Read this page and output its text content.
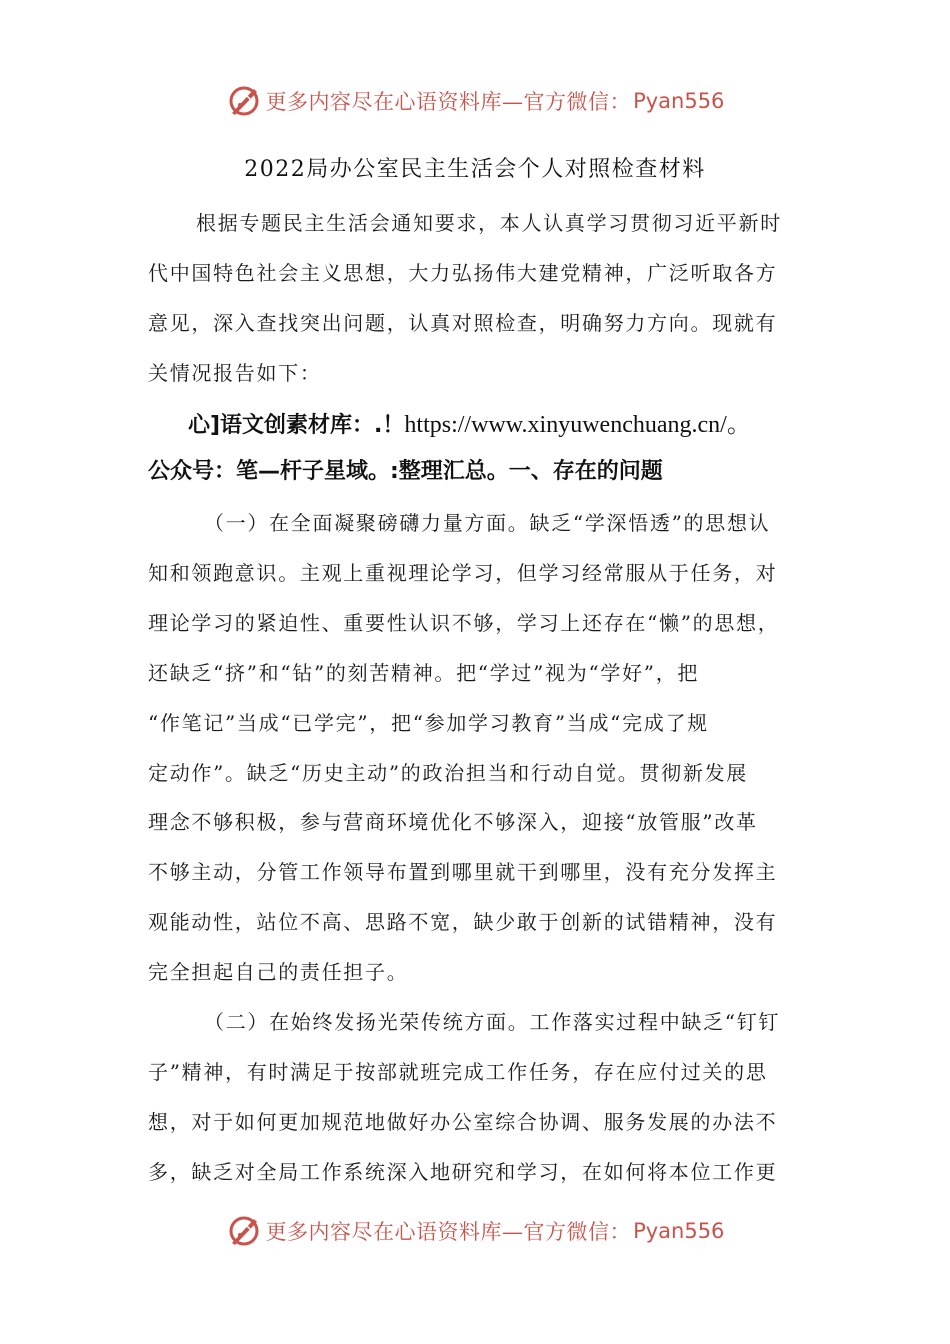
更多内容尽在心语资料库—官方微信： Pyan556
2022局办公室民主生活会个人对照检查材料
根据专题民主生活会通知要求，本人认真学习贯彻习近平新时
代中国特色社会主义思想，大力弘扬伟大建党精神，广泛听取各方
意见，深入查找突出问题，认真对照检查，明确努力方向。现就有
关情况报告如下：
心]语文创素材库：.！https://www.xinyuwenchuang.cn/。
公众号：笔—杆子星域。:整理汇总。一、存在的问题
（一）在全面凝聚磅礴力量方面。缺乏“学深悟透”的思想认
知和领跑意识。主观上重视理论学习，但学习经常服从于任务，对
理论学习的紧迫性、重要性认识不够，学习上还存在“懒”的思想，
还缺乏“挤”和“钻”的刻苦精神。把“学过”视为“学好”，把
“作笔记”当成“已学完”，把“参加学习教育”当成“完成了规
定动作”。缺乏“历史主动”的政治担当和行动自觉。贯彻新发展
理念不够积极，参与营商环境优化不够深入，迎接“放管服”改革
不够主动，分管工作领导布置到哪里就干到哪里，没有充分发挥主
观能动性，站位不高、思路不宽，缺少敢于创新的试错精神，没有
完全担起自己的责任担子。
（二）在始终发扬光荣传统方面。工作落实过程中缺乏“钉钉
子”精神，有时满足于按部就班完成工作任务，存在应付过关的思
想，对于如何更加规范地做好办公室综合协调、服务发展的办法不
多，缺乏对全局工作系统深入地研究和学习，在如何将本位工作更
更多内容尽在心语资料库—官方微信： Pyan556
